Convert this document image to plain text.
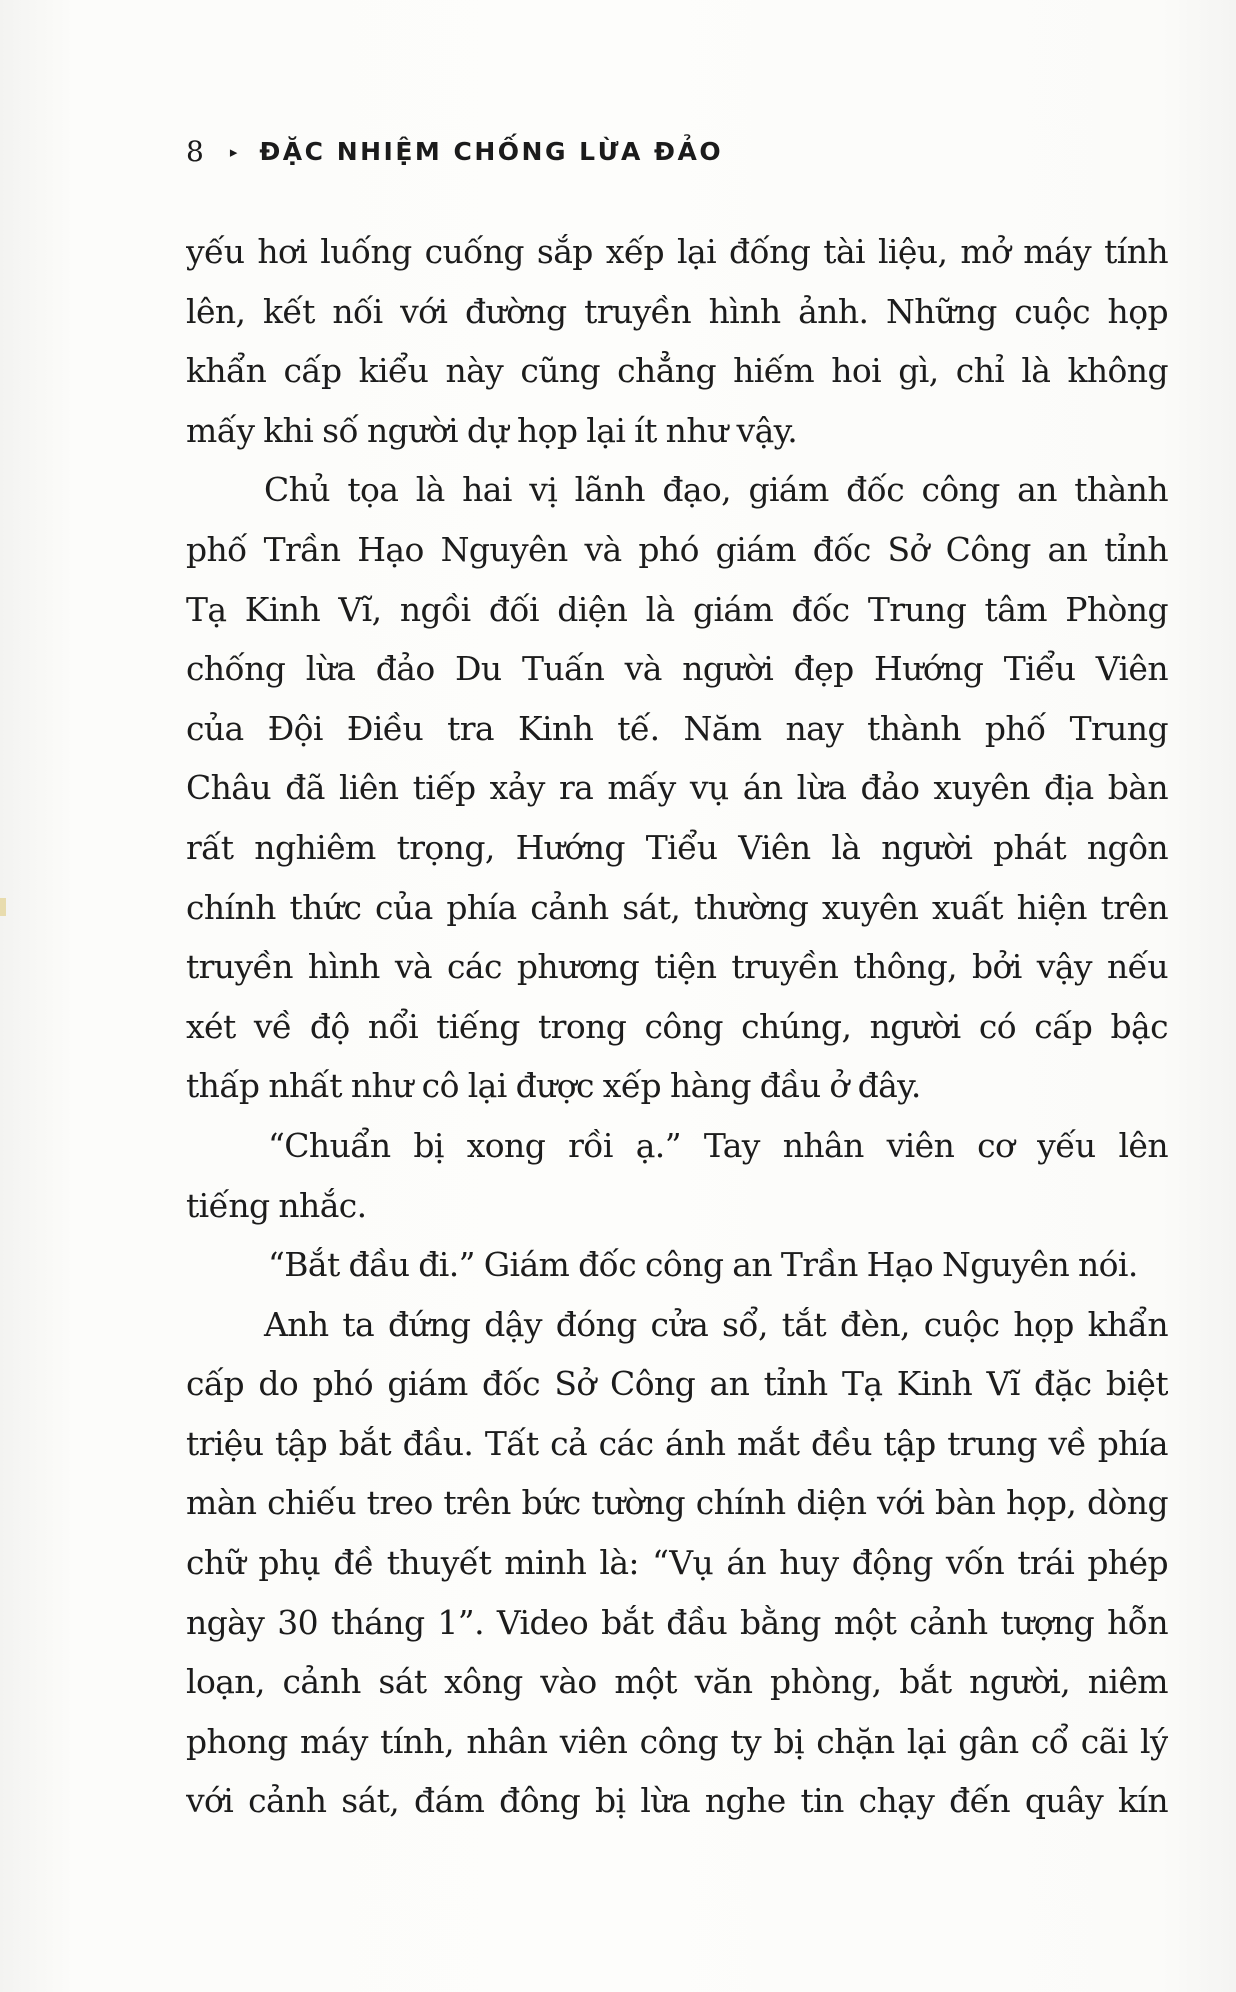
8 ▸ ĐẶC NHIỆM CHỐNG LỪA ĐẢO
yếu hơi luống cuống sắp xếp lại đống tài liệu, mở máy tính
lên, kết nối với đường truyền hình ảnh. Những cuộc họp
khẩn cấp kiểu này cũng chẳng hiếm hoi gì, chỉ là không
mấy khi số người dự họp lại ít như vậy.
Chủ tọa là hai vị lãnh đạo, giám đốc công an thành
phố Trần Hạo Nguyên và phó giám đốc Sở Công an tỉnh
Tạ Kinh Vĩ, ngồi đối diện là giám đốc Trung tâm Phòng
chống lừa đảo Du Tuấn và người đẹp Hướng Tiểu Viên
của Đội Điều tra Kinh tế. Năm nay thành phố Trung
Châu đã liên tiếp xảy ra mấy vụ án lừa đảo xuyên địa bàn
rất nghiêm trọng, Hướng Tiểu Viên là người phát ngôn
chính thức của phía cảnh sát, thường xuyên xuất hiện trên
truyền hình và các phương tiện truyền thông, bởi vậy nếu
xét về độ nổi tiếng trong công chúng, người có cấp bậc
thấp nhất như cô lại được xếp hàng đầu ở đây.
“Chuẩn bị xong rồi ạ.” Tay nhân viên cơ yếu lên
tiếng nhắc.
“Bắt đầu đi.” Giám đốc công an Trần Hạo Nguyên nói.
Anh ta đứng dậy đóng cửa sổ, tắt đèn, cuộc họp khẩn
cấp do phó giám đốc Sở Công an tỉnh Tạ Kinh Vĩ đặc biệt
triệu tập bắt đầu. Tất cả các ánh mắt đều tập trung về phía
màn chiếu treo trên bức tường chính diện với bàn họp, dòng
chữ phụ đề thuyết minh là: “Vụ án huy động vốn trái phép
ngày 30 tháng 1”. Video bắt đầu bằng một cảnh tượng hỗn
loạn, cảnh sát xông vào một văn phòng, bắt người, niêm
phong máy tính, nhân viên công ty bị chặn lại gân cổ cãi lý
với cảnh sát, đám đông bị lừa nghe tin chạy đến quây kín
